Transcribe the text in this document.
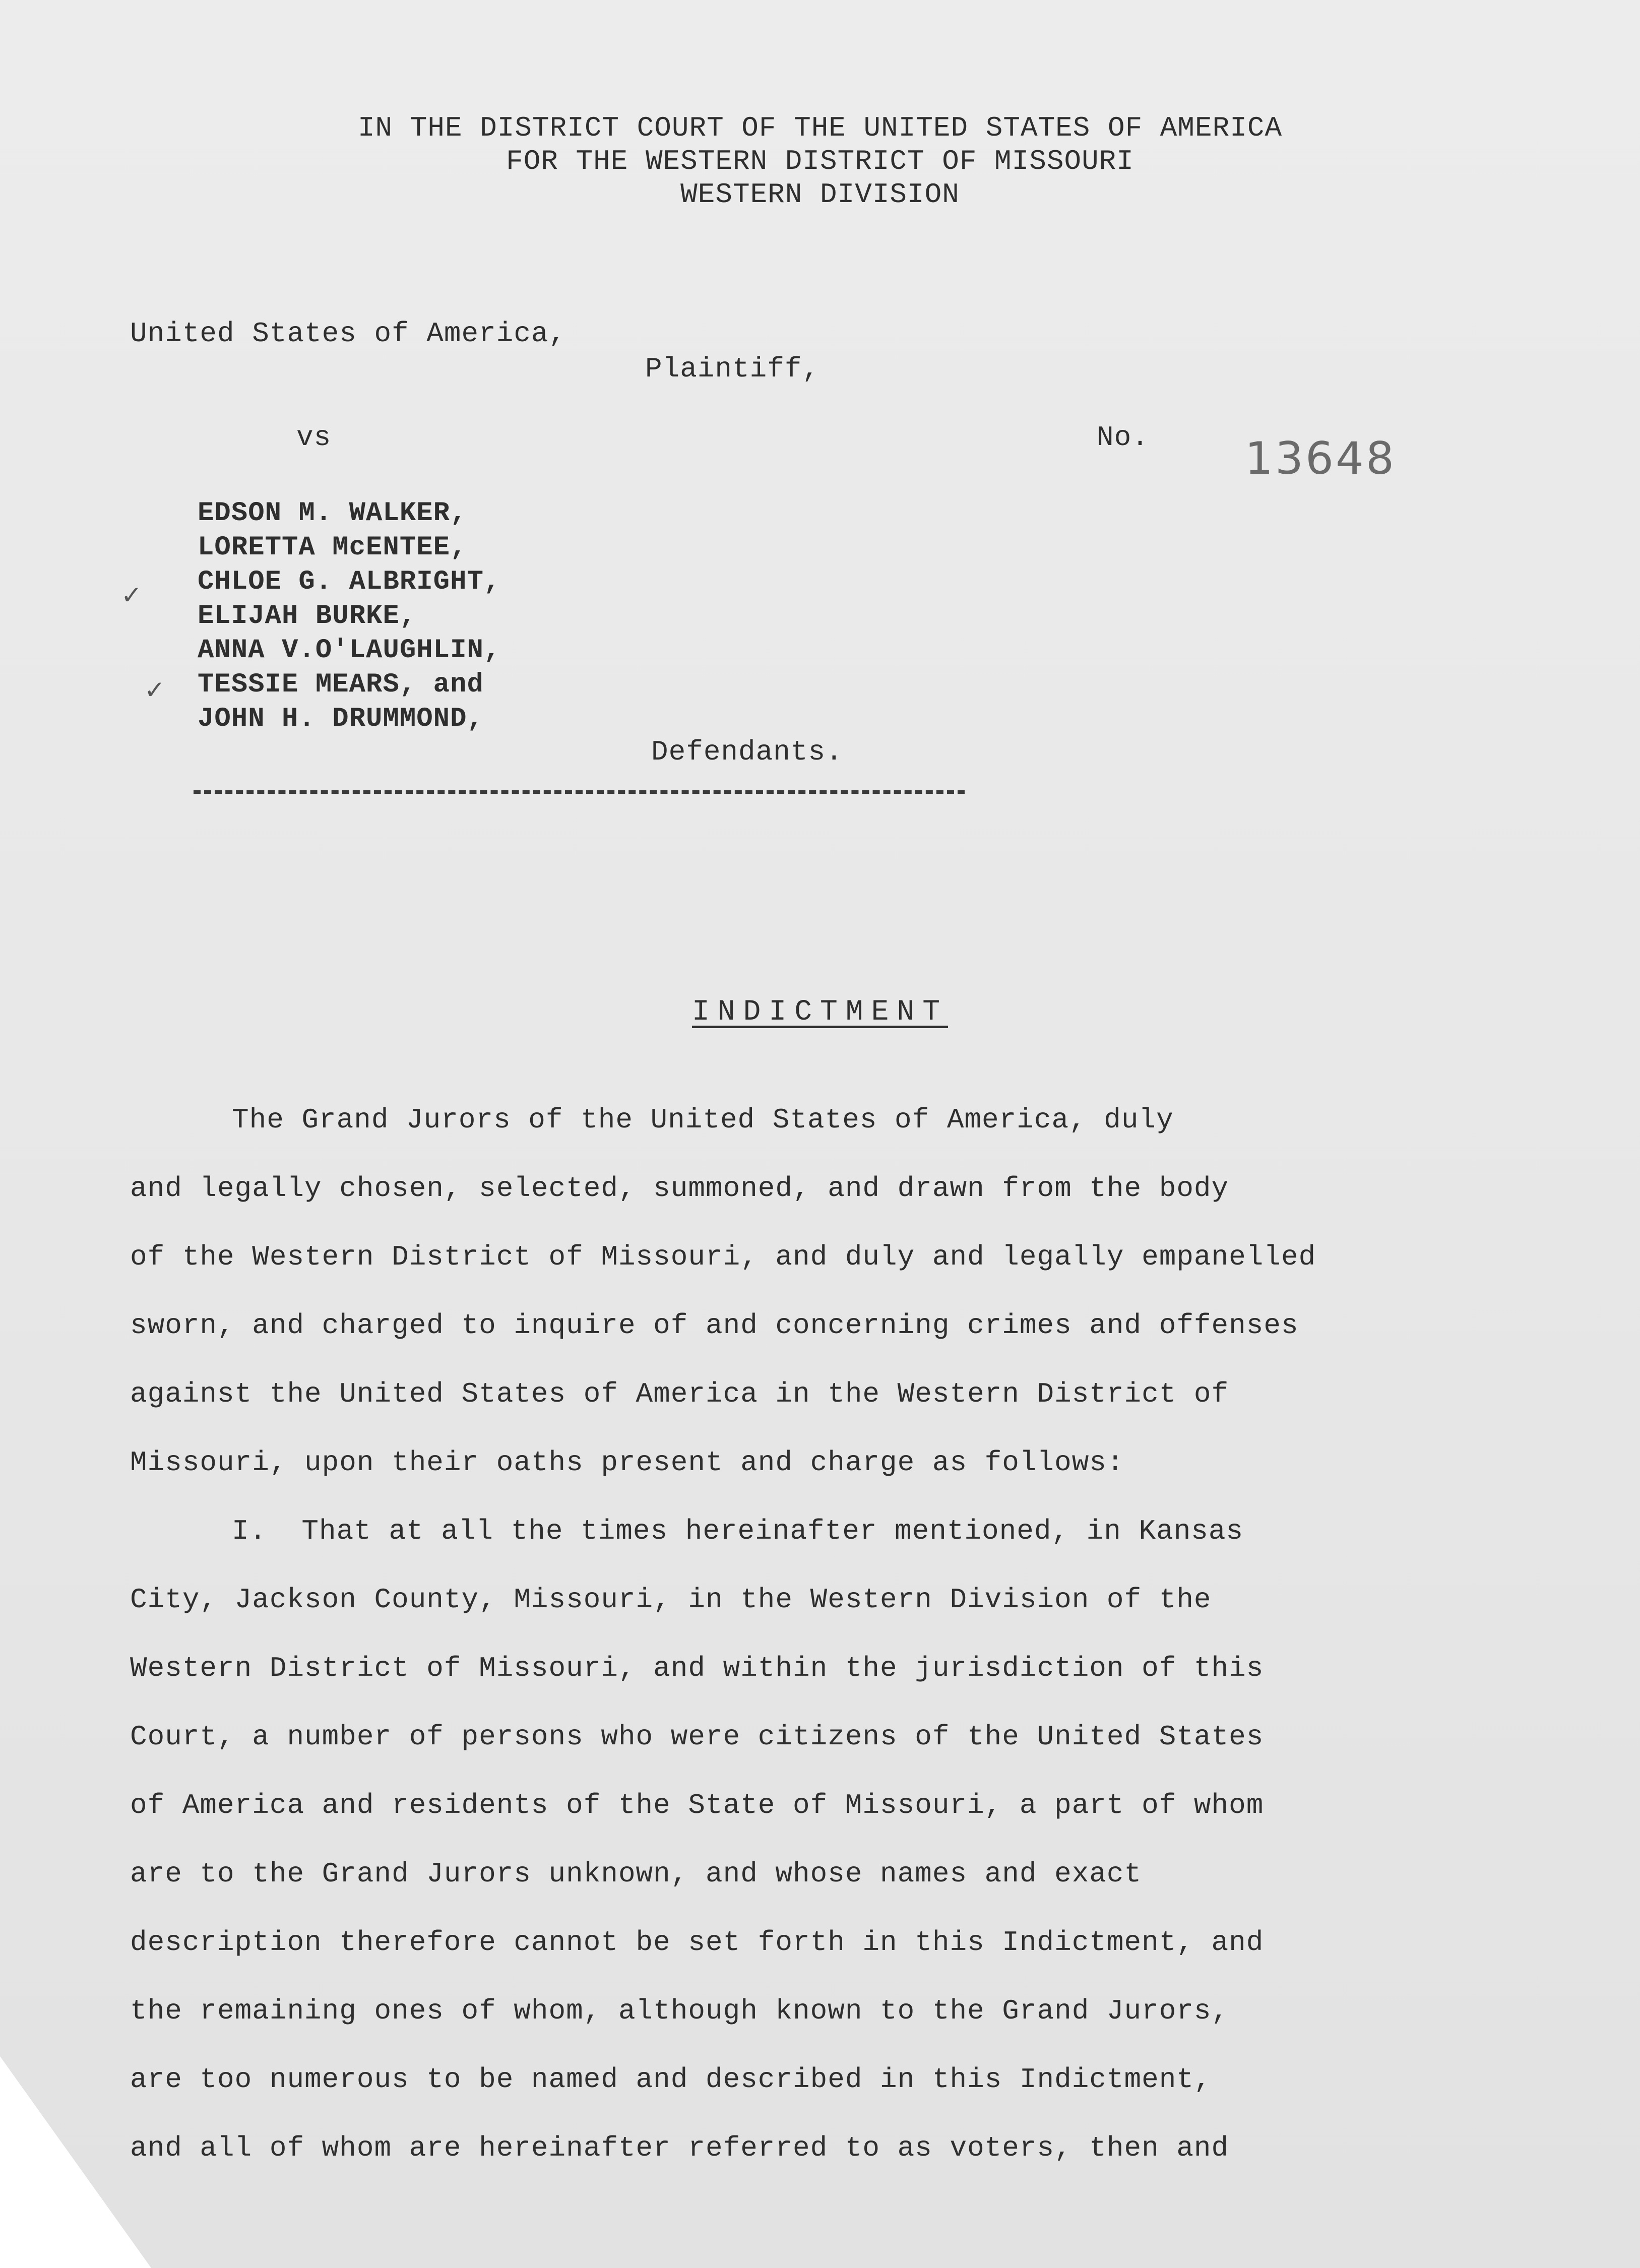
IN THE DISTRICT COURT OF THE UNITED STATES OF AMERICA
FOR THE WESTERN DISTRICT OF MISSOURI
WESTERN DIVISION
United States of America,
Plaintiff,
vs	No. 13648
EDSON M. WALKER,
LORETTA McENTEE,
CHLOE G. ALBRIGHT,
ELIJAH BURKE,
ANNA V.O'LAUGHLIN,
TESSIE MEARS, and
JOHN H. DRUMMOND,
✓
✓
Defendants.
INDICTMENT
The Grand Jurors of the United States of America, duly
and legally chosen, selected, summoned, and drawn from the body
of the Western District of Missouri, and duly and legally empanelled
sworn, and charged to inquire of and concerning crimes and offenses
against the United States of America in the Western District of
Missouri, upon their oaths present and charge as follows:
I.  That at all the times hereinafter mentioned, in Kansas
City, Jackson County, Missouri, in the Western Division of the
Western District of Missouri, and within the jurisdiction of this
Court, a number of persons who were citizens of the United States
of America and residents of the State of Missouri, a part of whom
are to the Grand Jurors unknown, and whose names and exact
description therefore cannot be set forth in this Indictment, and
the remaining ones of whom, although known to the Grand Jurors,
are too numerous to be named and described in this Indictment,
and all of whom are hereinafter referred to as voters, then and
